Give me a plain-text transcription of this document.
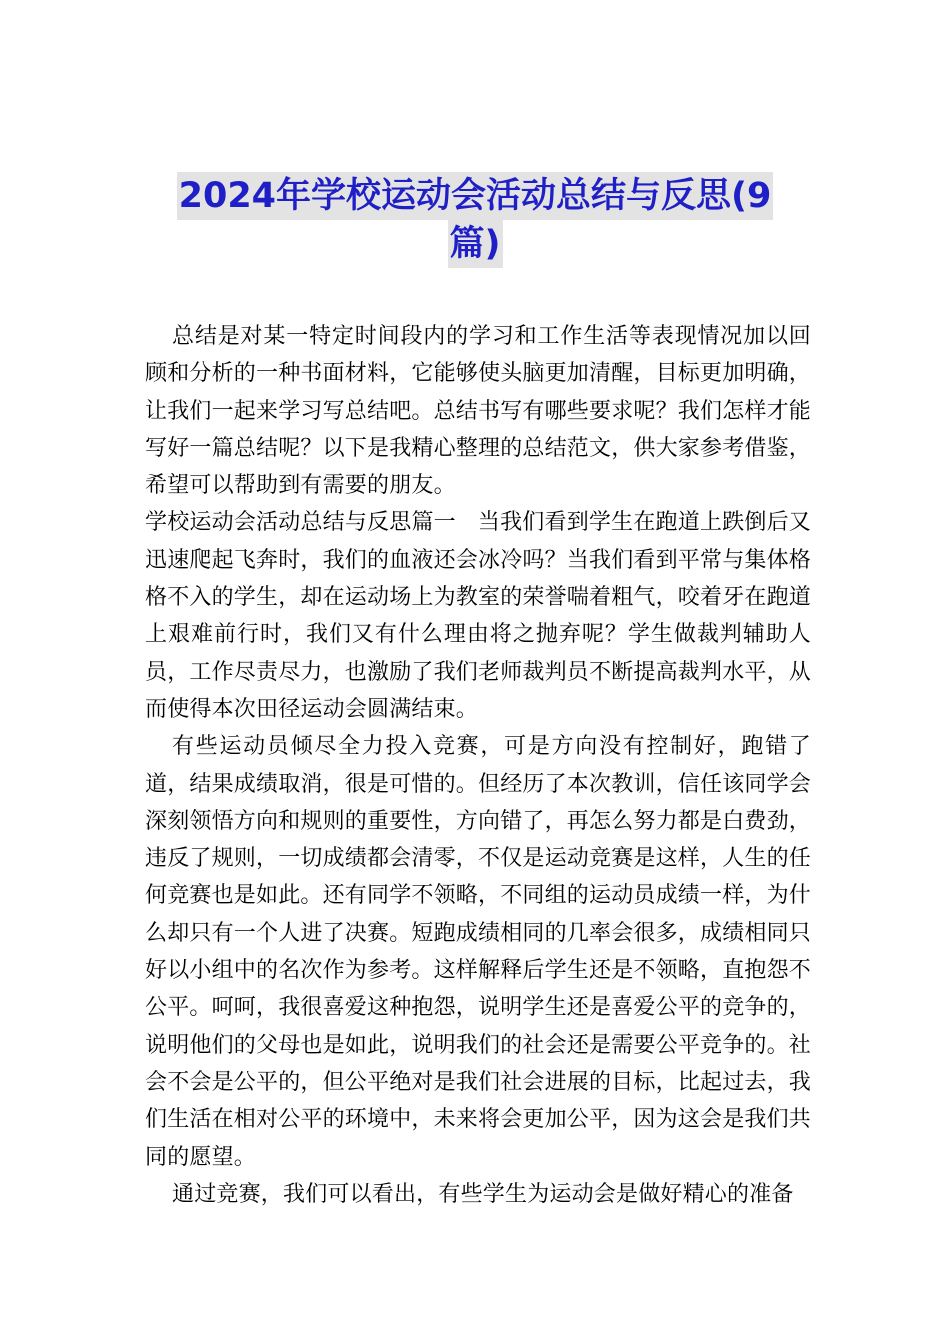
2024年学校运动会活动总结与反思(9
篇)

总结是对某一特定时间段内的学习和工作生活等表现情况加以回顾和分析的一种书面材料，它能够使头脑更加清醒，目标更加明确，让我们一起来学习写总结吧。总结书写有哪些要求呢？我们怎样才能写好一篇总结呢？以下是我精心整理的总结范文，供大家参考借鉴，希望可以帮助到有需要的朋友。

学校运动会活动总结与反思篇一 当我们看到学生在跑道上跌倒后又迅速爬起飞奔时，我们的血液还会冰冷吗？当我们看到平常与集体格格不入的学生，却在运动场上为教室的荣誉喘着粗气，咬着牙在跑道上艰难前行时，我们又有什么理由将之抛弃呢？学生做裁判辅助人员，工作尽责尽力，也激励了我们老师裁判员不断提高裁判水平，从而使得本次田径运动会圆满结束。

有些运动员倾尽全力投入竞赛，可是方向没有控制好，跑错了道，结果成绩取消，很是可惜的。但经历了本次教训，信任该同学会深刻领悟方向和规则的重要性，方向错了，再怎么努力都是白费劲，违反了规则，一切成绩都会清零，不仅是运动竞赛是这样，人生的任何竞赛也是如此。还有同学不领略，不同组的运动员成绩一样，为什么却只有一个人进了决赛。短跑成绩相同的几率会很多，成绩相同只好以小组中的名次作为参考。这样解释后学生还是不领略，直抱怨不公平。呵呵，我很喜爱这种抱怨，说明学生还是喜爱公平的竞争的，说明他们的父母也是如此，说明我们的社会还是需要公平竞争的。社会不会是公平的，但公平绝对是我们社会进展的目标，比起过去，我们生活在相对公平的环境中，未来将会更加公平，因为这会是我们共同的愿望。

通过竞赛，我们可以看出，有些学生为运动会是做好精心的准备
